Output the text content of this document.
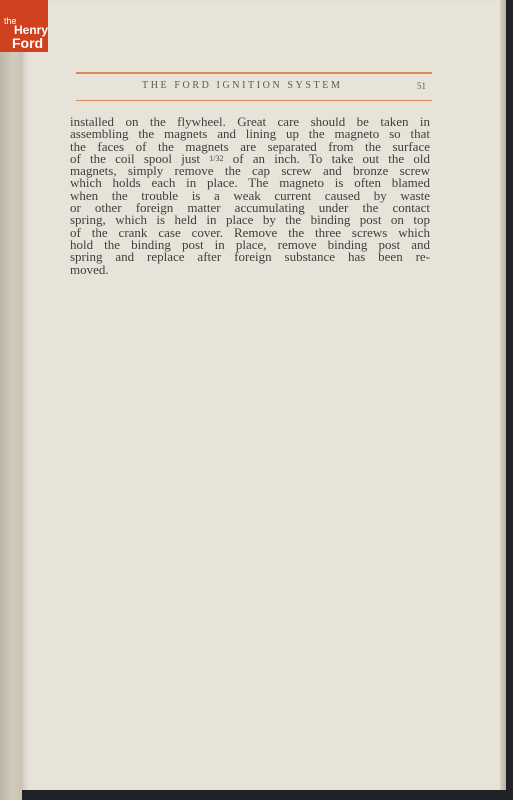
THE FORD IGNITION SYSTEM	51

installed on the flywheel. Great care should be taken in
assembling the magnets and lining up the magneto so that
the faces of the magnets are separated from the surface
of the coil spool just 1/32 of an inch. To take out the old
magnets, simply remove the cap screw and bronze screw
which holds each in place. The magneto is often blamed
when the trouble is a weak current caused by waste
or other foreign matter accumulating under the contact
spring, which is held in place by the binding post on top
of the crank case cover. Remove the three screws which
hold the binding post in place, remove binding post and
spring and replace after foreign substance has been re-
moved.

the
Henry
Ford
